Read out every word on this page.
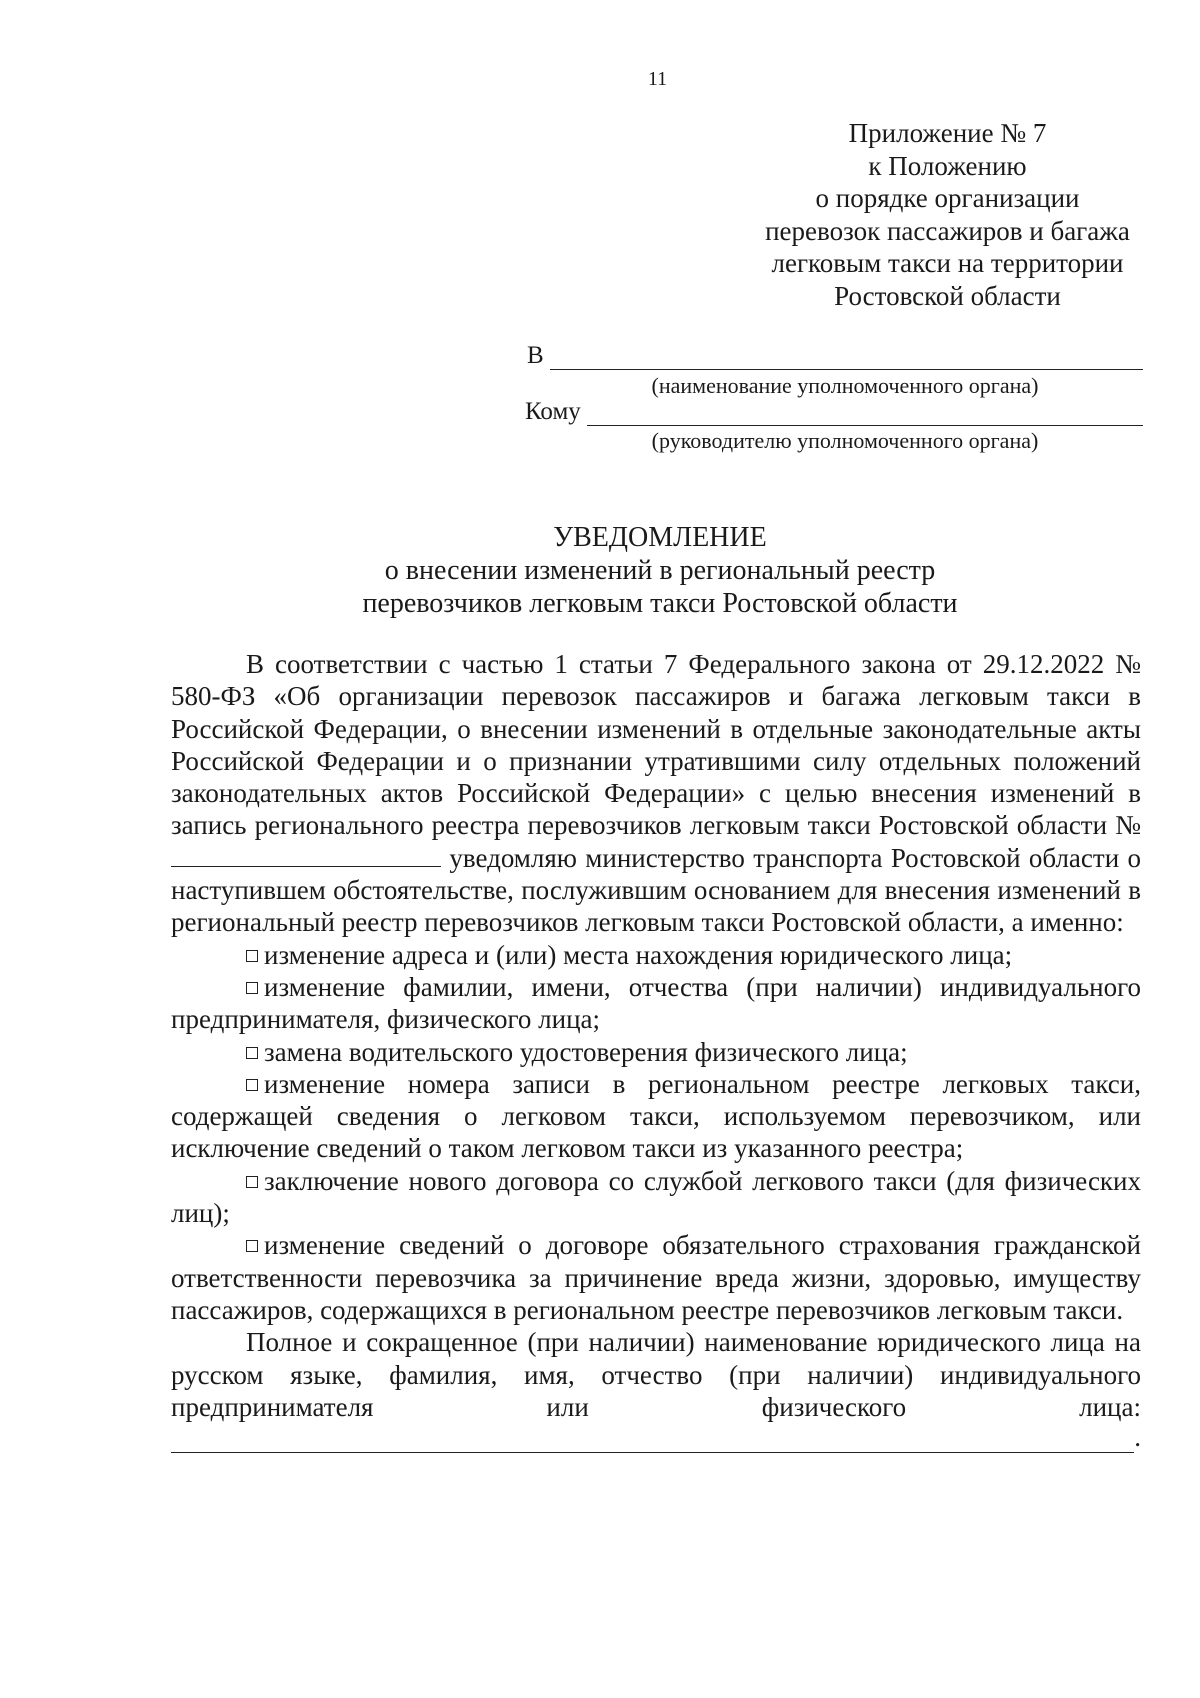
11
Приложение № 7
к Положению
о порядке организации
перевозок пассажиров и багажа
легковым такси на территории
Ростовской области
В
(наименование уполномоченного органа)
Кому
(руководителю уполномоченного органа)
УВЕДОМЛЕНИЕ
о внесении изменений в региональный реестр
перевозчиков легковым такси Ростовской области

В соответствии с частью 1 статьи 7 Федерального закона от 29.12.2022 № 580-ФЗ «Об организации перевозок пассажиров и багажа легковым такси в Российской Федерации, о внесении изменений в отдельные законодательные акты Российской Федерации и о признании утратившими силу отдельных положений законодательных актов Российской Федерации» с целью внесения изменений в запись регионального реестра перевозчиков легковым такси Ростовской области №  уведомляю министерство транспорта Ростовской области о наступившем обстоятельстве, послужившим основанием для внесения изменений в региональный реестр перевозчиков легковым такси Ростовской области, а именно:

изменение адреса и (или) места нахождения юридического лица;

изменение фамилии, имени, отчества (при наличии) индивидуального предпринимателя, физического лица;

замена водительского удостоверения физического лица;

изменение номера записи в региональном реестре легковых такси, содержащей сведения о легковом такси, используемом перевозчиком, или исключение сведений о таком легковом такси из указанного реестра;

заключение нового договора со службой легкового такси (для физических лиц);

изменение сведений о договоре обязательного страхования гражданской ответственности перевозчика за причинение вреда жизни, здоровью, имуществу пассажиров, содержащихся в региональном реестре перевозчиков легковым такси.

Полное и сокращенное (при наличии) наименование юридического лица на русском языке, фамилия, имя, отчество (при наличии) индивидуального предпринимателя или физического лица:

.
